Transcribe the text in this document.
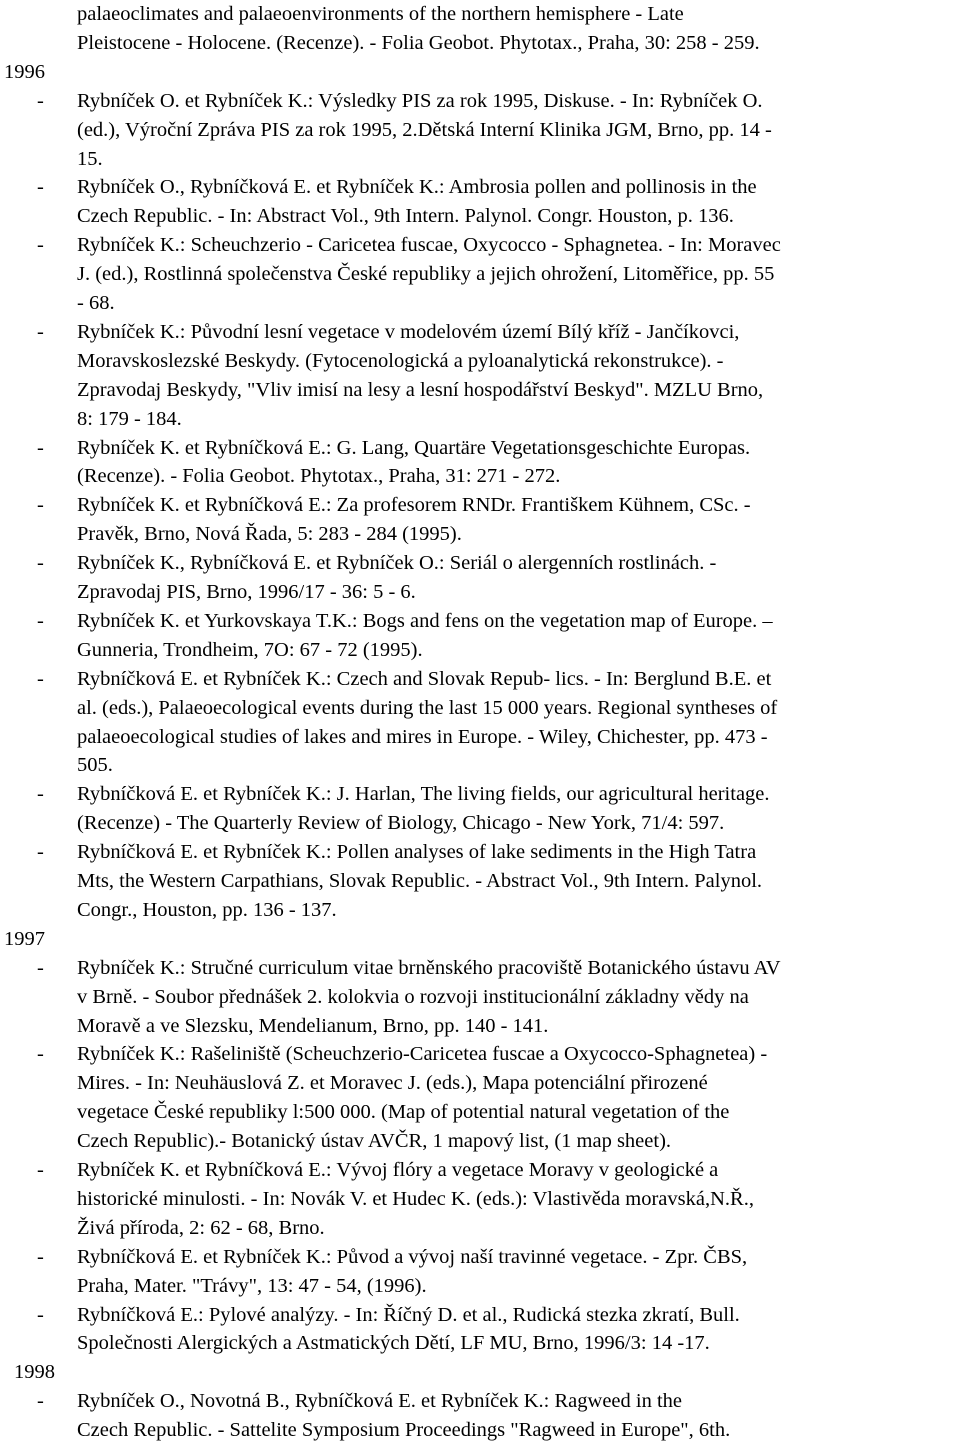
palaeoclimates and palaeoenvironments of the northern hemisphere - Late
Pleistocene - Holocene. (Recenze). - Folia Geobot. Phytotax., Praha, 30: 258 - 259.
1996
- Rybníček O. et Rybníček K.: Výsledky PIS za rok 1995, Diskuse. - In: Rybníček O.
(ed.), Výroční Zpráva PIS za rok 1995, 2.Dětská Interní Klinika JGM, Brno, pp. 14 -
15.
- Rybníček O., Rybníčková E. et Rybníček K.: Ambrosia pollen and pollinosis in the
Czech Republic. - In: Abstract Vol., 9th Intern. Palynol. Congr. Houston, p. 136.
- Rybníček K.: Scheuchzerio - Caricetea fuscae, Oxycocco - Sphagnetea. - In: Moravec
J. (ed.), Rostlinná společenstva České republiky a jejich ohrožení, Litoměřice, pp. 55
- 68.
- Rybníček K.: Původní lesní vegetace v modelovém území Bílý kříž - Jančíkovci,
Moravskoslezské Beskydy. (Fytocenologická a pyloanalytická rekonstrukce). -
Zpravodaj Beskydy, "Vliv imisí na lesy a lesní hospodářství Beskyd". MZLU Brno,
8: 179 - 184.
- Rybníček K. et Rybníčková E.: G. Lang, Quartäre Vegetationsgeschichte Europas.
(Recenze). - Folia Geobot. Phytotax., Praha, 31: 271 - 272.
- Rybníček K. et Rybníčková E.: Za profesorem RNDr. Františkem Kühnem, CSc. -
Pravěk, Brno, Nová Řada, 5: 283 - 284 (1995).
- Rybníček K., Rybníčková E. et Rybníček O.: Seriál o alergenních rostlinách. -
Zpravodaj PIS, Brno, 1996/17 - 36: 5 - 6.
- Rybníček K. et Yurkovskaya T.K.: Bogs and fens on the vegetation map of Europe. –
Gunneria, Trondheim, 7O: 67 - 72 (1995).
- Rybníčková E. et Rybníček K.: Czech and Slovak Repub- lics. - In: Berglund B.E. et
al. (eds.), Palaeoecological events during the last 15 000 years. Regional syntheses of
palaeoecological studies of lakes and mires in Europe. - Wiley, Chichester, pp. 473 -
505.
- Rybníčková E. et Rybníček K.: J. Harlan, The living fields, our agricultural heritage.
(Recenze) - The Quarterly Review of Biology, Chicago - New York, 71/4: 597.
- Rybníčková E. et Rybníček K.: Pollen analyses of lake sediments in the High Tatra
Mts, the Western Carpathians, Slovak Republic. - Abstract Vol., 9th Intern. Palynol.
Congr., Houston, pp. 136 - 137.
1997
- Rybníček K.: Stručné curriculum vitae brněnského pracoviště Botanického ústavu AV
v Brně. - Soubor přednášek 2. kolokvia o rozvoji institucionální základny vědy na
Moravě a ve Slezsku, Mendelianum, Brno, pp. 140 - 141.
- Rybníček K.: Rašeliniště (Scheuchzerio-Caricetea fuscae a Oxycocco-Sphagnetea) -
Mires. - In: Neuhäuslová Z. et Moravec J. (eds.), Mapa potenciální přirozené
vegetace České republiky l:500 000. (Map of potential natural vegetation of the
Czech Republic).- Botanický ústav AVČR, 1 mapový list, (1 map sheet).
- Rybníček K. et Rybníčková E.: Vývoj flóry a vegetace Moravy v geologické a
historické minulosti. - In: Novák V. et Hudec K. (eds.): Vlastivěda moravská,N.Ř.,
Živá příroda, 2: 62 - 68, Brno.
- Rybníčková E. et Rybníček K.: Původ a vývoj naší travinné vegetace. - Zpr. ČBS,
Praha, Mater. "Trávy", 13: 47 - 54, (1996).
- Rybníčková E.: Pylové analýzy. - In: Říčný D. et al., Rudická stezka zkratí, Bull.
Společnosti Alergických a Astmatických Dětí, LF MU, Brno, 1996/3: 14 -17.
1998
- Rybníček O., Novotná B., Rybníčková E. et Rybníček K.: Ragweed in the
Czech Republic. - Sattelite Symposium Proceedings "Ragweed in Europe", 6th.
